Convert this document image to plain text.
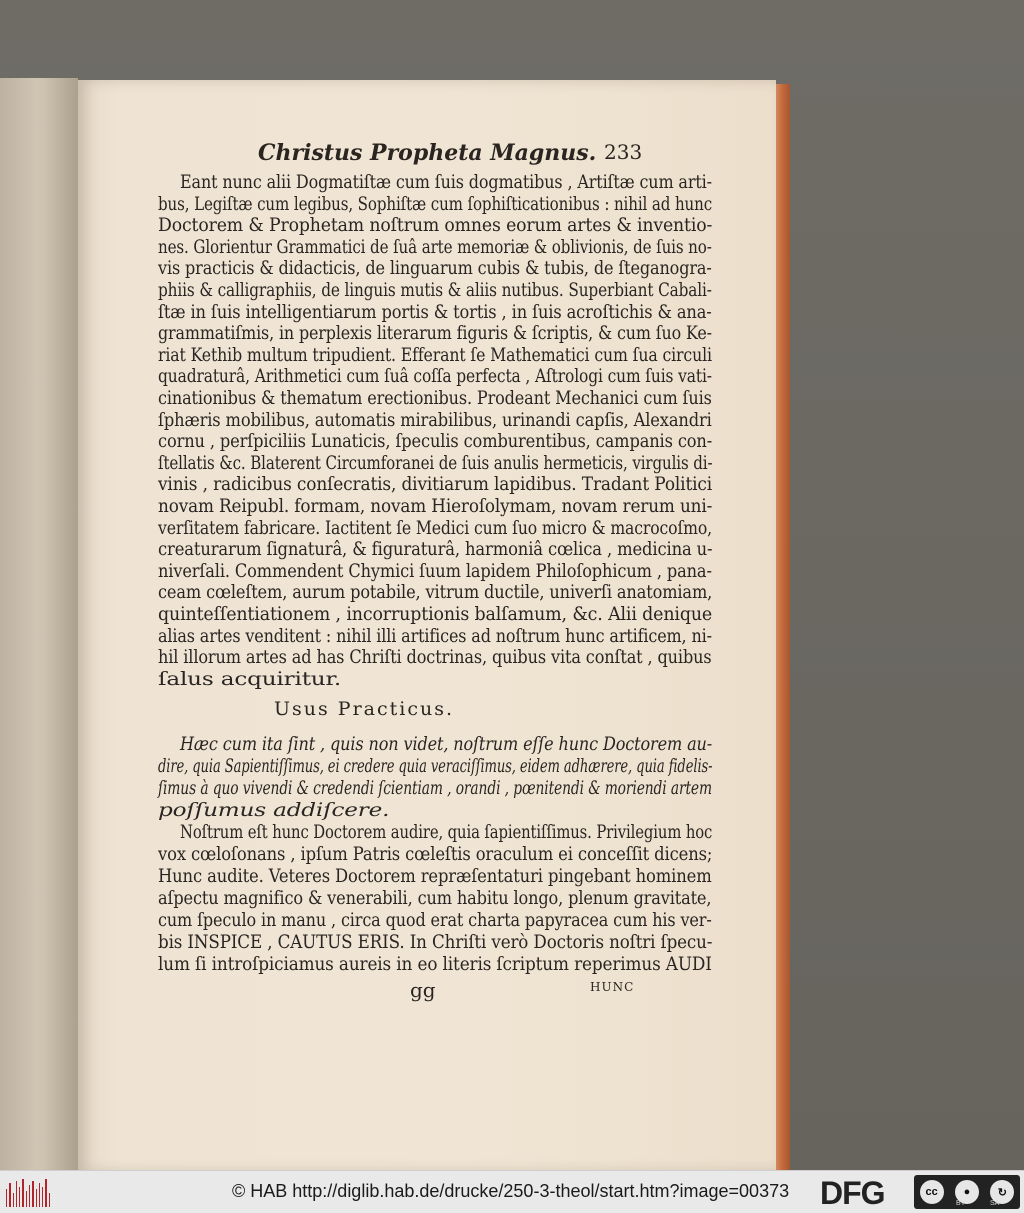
Christus Propheta Magnus. 233
Eant nunc alii Dogmatiſtæ cum ſuis dogmatibus , Artiſtæ cum arti-
bus, Legiſtæ cum legibus, Sophiſtæ cum ſophiſticationibus : nihil ad hunc
Doctorem & Prophetam noſtrum omnes eorum artes & inventio-
nes. Glorientur Grammatici de ſuâ arte memoriæ & oblivionis, de ſuis no-
vis practicis & didacticis, de linguarum cubis & tubis, de ſteganogra-
phiis & calligraphiis, de linguis mutis & aliis nutibus. Superbiant Cabali-
ſtæ in ſuis intelligentiarum portis & tortis , in ſuis acroſtichis & ana-
grammatiſmis, in perplexis literarum figuris & ſcriptis, & cum ſuo Ke-
riat Kethib multum tripudient. Efferant ſe Mathematici cum ſua circuli
quadraturâ, Arithmetici cum ſuâ coſſa perfecta , Aſtrologi cum ſuis vati-
cinationibus & thematum erectionibus. Prodeant Mechanici cum ſuis
ſphæris mobilibus, automatis mirabilibus, urinandi capſis, Alexandri
cornu , perſpiciliis Lunaticis, ſpeculis comburentibus, campanis con-
ſtellatis &c. Blaterent Circumforanei de ſuis anulis hermeticis, virgulis di-
vinis , radicibus conſecratis, divitiarum lapidibus. Tradant Politici
novam Reipubl. formam, novam Hieroſolymam, novam rerum uni-
verſitatem fabricare. Iactitent ſe Medici cum ſuo micro & macrocoſmo,
creaturarum ſignaturâ, & figuraturâ, harmoniâ cœlica , medicina u-
niverſali. Commendent Chymici ſuum lapidem Philoſophicum , pana-
ceam cœleſtem, aurum potabile, vitrum ductile, univerſi anatomiam,
quinteſſentiationem , incorruptionis balſamum, &c. Alii denique
alias artes venditent : nihil illi artifices ad noſtrum hunc artificem, ni-
hil illorum artes ad has Chriſti doctrinas, quibus vita conſtat , quibus
ſalus acquiritur.
Usus Practicus.
Hæc cum ita ſint , quis non videt, noſtrum eſſe hunc Doctorem au-
dire, quia Sapientiſſimus, ei credere quia veraciſſimus, eidem adhærere, quia fidelis-
ſimus à quo vivendi & credendi ſcientiam , orandi , pœnitendi & moriendi artem
poſſumus addiſcere.
Noſtrum eſt hunc Doctorem audire, quia ſapientiſſimus. Privilegium hoc
vox cœloſonans , ipſum Patris cœleſtis oraculum ei conceſſit dicens;
Hunc audite. Veteres Doctorem repræſentaturi pingebant hominem
aſpectu magnifico & venerabili, cum habitu longo, plenum gravitate,
cum ſpeculo in manu , circa quod erat charta papyracea cum his ver-
bis INSPICE , CAUTUS ERIS. In Chriſti verò Doctoris noſtri ſpecu-
lum ſi introſpiciamus aureis in eo literis ſcriptum reperimus AUDI
gg	HUNC
© HAB http://diglib.hab.de/drucke/250-3-theol/start.htm?image=00373 DFG	cc	●	↻
BY	SA
